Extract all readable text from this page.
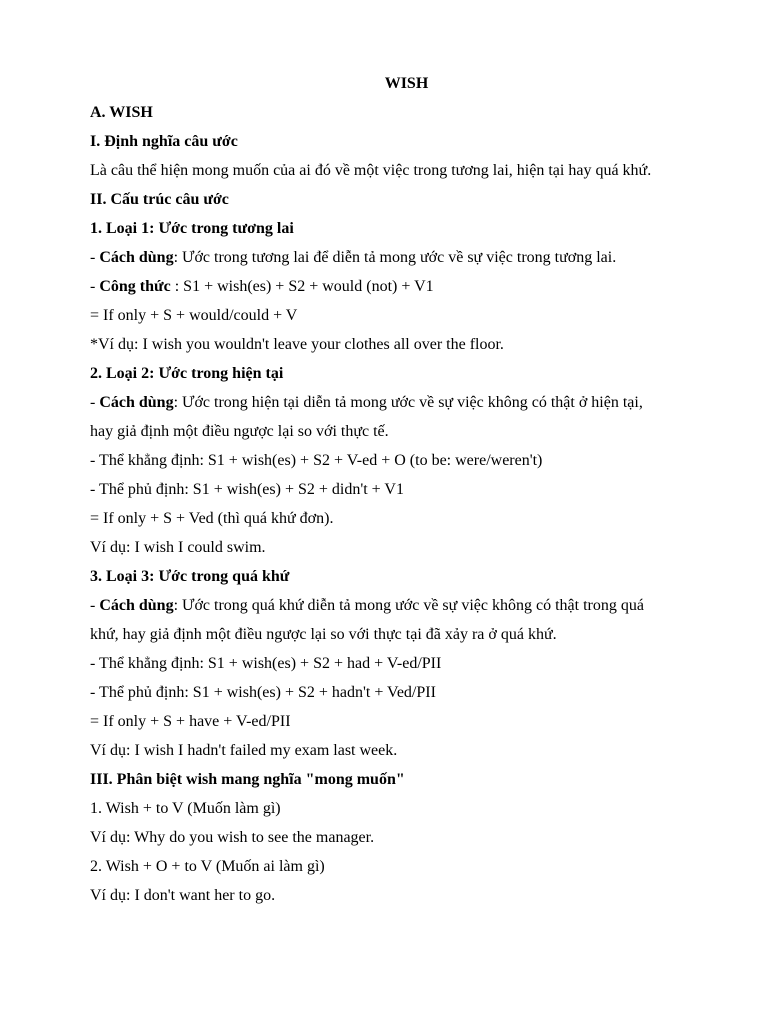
WISH
A. WISH
I. Định nghĩa câu ước
Là câu thể hiện mong muốn của ai đó về một việc trong tương lai, hiện tại hay quá khứ.
II. Cấu trúc câu ước
1. Loại 1: Ước trong tương lai
- Cách dùng: Ước trong tương lai để diễn tả mong ước về sự việc trong tương lai.
- Công thức : S1 + wish(es) + S2 + would (not) + V1
= If only + S + would/could + V
*Ví dụ: I wish you wouldn't leave your clothes all over the floor.
2. Loại 2: Ước trong hiện tại
- Cách dùng: Ước trong hiện tại diễn tả mong ước về sự việc không có thật ở hiện tại,
hay giả định một điều ngược lại so với thực tế.
- Thể khẳng định: S1 + wish(es) + S2 + V-ed + O (to be: were/weren't)
- Thể phủ định: S1 + wish(es) + S2 + didn't + V1
= If only + S + Ved (thì quá khứ đơn).
Ví dụ: I wish I could swim.
3. Loại 3: Ước trong quá khứ
- Cách dùng: Ước trong quá khứ diễn tả mong ước về sự việc không có thật trong quá
khứ, hay giả định một điều ngược lại so với thực tại đã xảy ra ở quá khứ.
- Thể khẳng định: S1 + wish(es) + S2 + had + V-ed/PII
- Thể phủ định: S1 + wish(es) + S2 + hadn't + Ved/PII
= If only + S + have + V-ed/PII
Ví dụ: I wish I hadn't failed my exam last week.
III. Phân biệt wish mang nghĩa "mong muốn"
1. Wish + to V (Muốn làm gì)
Ví dụ: Why do you wish to see the manager.
2. Wish + O + to V (Muốn ai làm gì)
Ví dụ: I don't want her to go.
